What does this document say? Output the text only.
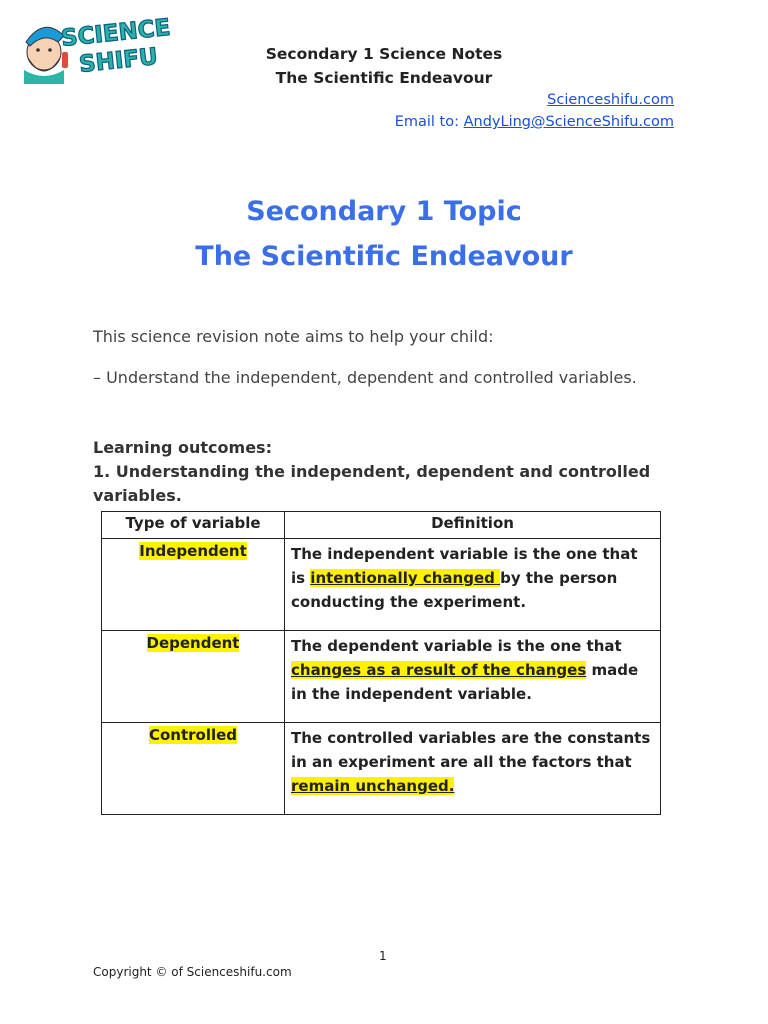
SCIENCE
SHIFU	Secondary 1 Science Notes
The Scientific Endeavour
Scienceshifu.com
Email to: AndyLing@ScienceShifu.com
Secondary 1 Topic
The Scientific Endeavour
This science revision note aims to help your child:
– Understand the independent, dependent and controlled variables.
Learning outcomes:
1. Understanding the independent, dependent and controlled
variables.
Type of variable	Definition
Independent	The independent variable is the one that is intentionally changed by the person conducting the experiment.
Dependent	The dependent variable is the one that changes as a result of the changes made in the independent variable.
Controlled	The controlled variables are the constants in an experiment are all the factors that remain unchanged.
1
Copyright © of Scienceshifu.com
